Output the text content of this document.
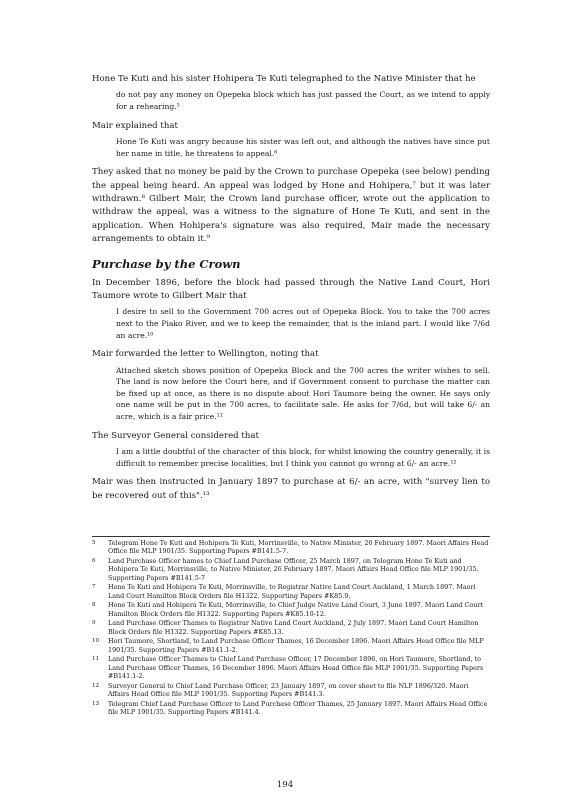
Hone Te Kuti and his sister Hohipera Te Kuti telegraphed to the Native Minister that he

do not pay any money on Opepeka block which has just passed the Court, as we intend to apply for a rehearing.⁵

Mair explained that

Hone Te Kuti was angry because his sister was left out, and although the natives have since put her name in title, he threatens to appeal.⁶

They asked that no money be paid by the Crown to purchase Opepeka (see below) pending the appeal being heard. An appeal was lodged by Hone and Hohipera,⁷ but it was later withdrawn.⁸ Gilbert Mair, the Crown land purchase officer, wrote out the application to withdraw the appeal, was a witness to the signature of Hone Te Kuti, and sent in the application. When Hohipera's signature was also required, Mair made the necessary arrangements to obtain it.⁹

Purchase by the Crown

In December 1896, before the block had passed through the Native Land Court, Hori Taumore wrote to Gilbert Mair that

I desire to sell to the Government 700 acres out of Opepeka Block. You to take the 700 acres next to the Piako River, and we to keep the remainder, that is the inland part. I would like 7/6d an acre.¹⁰

Mair forwarded the letter to Wellington, noting that

Attached sketch shows position of Opepeka Block and the 700 acres the writer wishes to sell. The land is now before the Court here, and if Government consent to purchase the matter can be fixed up at once, as there is no dispute about Hori Taumore being the owner. He says only one name will be put in the 700 acres, to facilitate sale. He asks for 7/6d, but will take 6/- an acre, which is a fair price.¹¹

The Surveyor General considered that

I am a little doubtful of the character of this block, for whilst knowing the country generally, it is difficult to remember precise localities, but I think you cannot go wrong at 6/- an acre.¹²

Mair was then instructed in January 1897 to purchase at 6/- an acre, with "survey lien to be recovered out of this".¹³

5	Telegram Hone Te Kuti and Hohipera Te Kuti, Morrinsville, to Native Minister, 26 February 1897. Maori Affairs Head Office file MLP 1901/35. Supporting Papers #B141.5-7.
6	Land Purchase Officer hames to Chief Land Purchase Officer, 25 March 1897, on Telegram Hone Te Kuti and Hohipera Te Kuti, Morrinsville, to Native Minister, 26 February 1897. Maori Affairs Head Office file MLP 1901/35. Supporting Papers #B141.5-7
7	Hone Te Kuti and Hohipera Te Kuti, Morrinsville, to Registrar Native Land Court Auckland, 1 March 1897. Maori Land Court Hamilton Block Orders file H1322. Supporting Papers #K85.9.
8	Hone Te Kuti and Hohipera Te Kuti, Morrinsville, to Chief Judge Native Land Court, 3 June 1897. Maori Land Court Hamilton Block Orders file H1322. Supporting Papers #K85.10-12.
9	Land Purchase Officer Thames to Registrar Native Land Court Auckland, 2 July 1897. Maori Land Court Hamilton Block Orders file H1322. Supporting Papers #K85.13.
10	Hori Taumore, Shortland, to Land Purchase Officer Thames, 16 December 1896. Maori Affairs Head Office file MLP 1901/35. Supporting Papers #B141.1-2.
11	Land Purchase Officer Thames to Chief Land Purchase Officer, 17 December 1896, on Hori Taumore, Shortland, to Land Purchase Officer Thames, 16 December 1896. Maori Affairs Head Office file MLP 1901/35. Supporting Papers #B141.1-2.
12	Surveyor General to Chief Land Purchase Officer, 23 January 1897, on cover sheet to file NLP 1896/320. Maori Affairs Head Office file MLP 1901/35. Supporting Papers #B141.3.
13	Telegram Chief Land Purchase Officer to Land Purchase Officer Thames, 25 January 1897. Maori Affairs Head Office file MLP 1901/35. Supporting Papers #B141.4.
194
